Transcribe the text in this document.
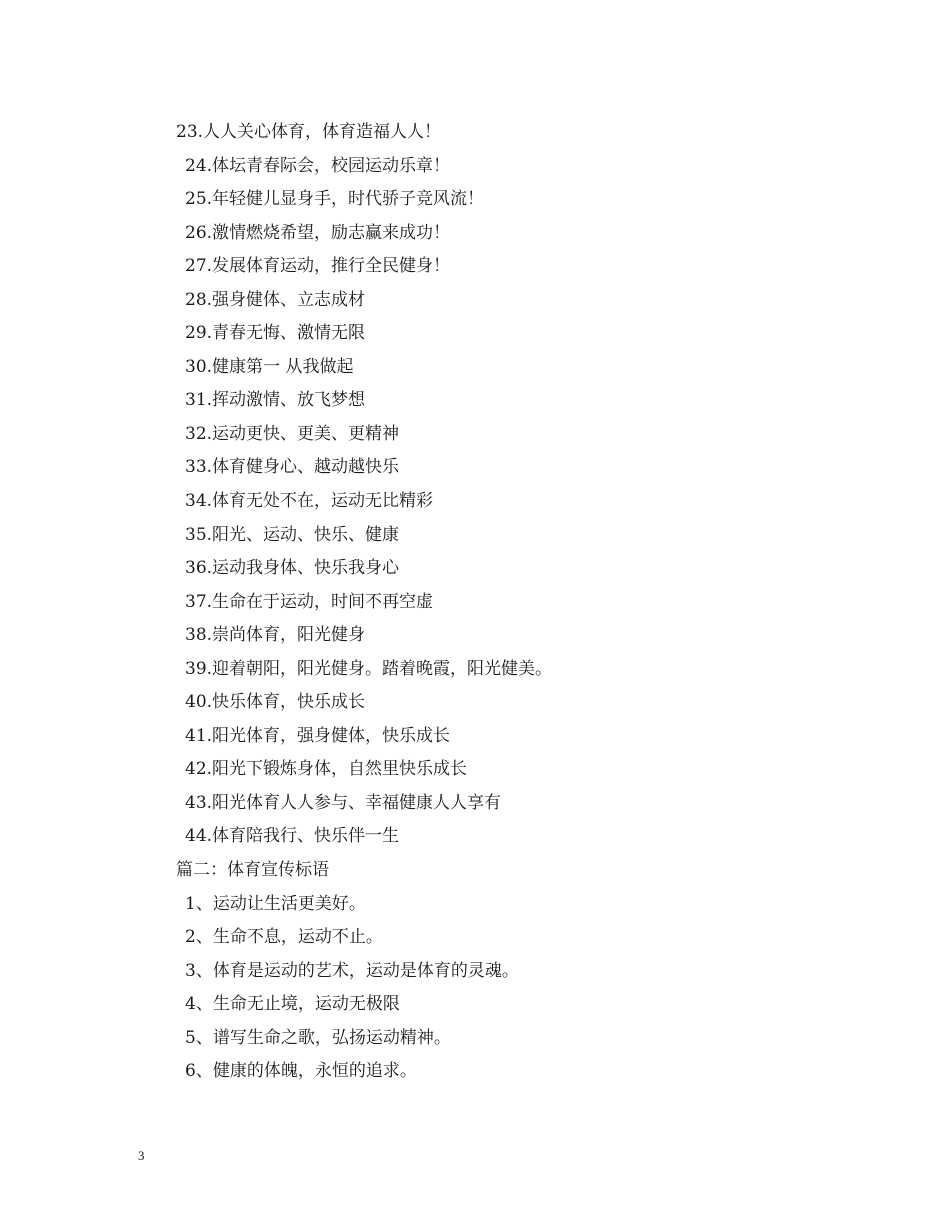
23.人人关心体育，体育造福人人！
24.体坛青春际会，校园运动乐章！
25.年轻健儿显身手，时代骄子竞风流！
26.激情燃烧希望，励志赢来成功！
27.发展体育运动，推行全民健身！
28.强身健体、立志成材
29.青春无悔、激情无限
30.健康第一 从我做起
31.挥动激情、放飞梦想
32.运动更快、更美、更精神
33.体育健身心、越动越快乐
34.体育无处不在，运动无比精彩
35.阳光、运动、快乐、健康
36.运动我身体、快乐我身心
37.生命在于运动，时间不再空虚
38.崇尚体育，阳光健身
39.迎着朝阳，阳光健身。踏着晚霞，阳光健美。
40.快乐体育，快乐成长
41.阳光体育，强身健体，快乐成长
42.阳光下锻炼身体，自然里快乐成长
43.阳光体育人人参与、幸福健康人人享有
44.体育陪我行、快乐伴一生
篇二：体育宣传标语
1、运动让生活更美好。
2、生命不息，运动不止。
3、体育是运动的艺术，运动是体育的灵魂。
4、生命无止境，运动无极限
5、谱写生命之歌，弘扬运动精神。
6、健康的体魄，永恒的追求。
3
